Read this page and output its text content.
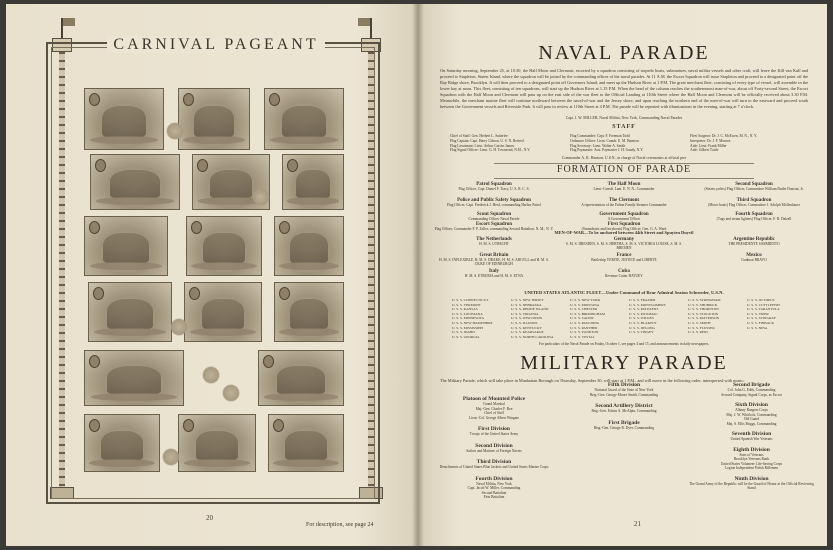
CARNIVAL PAGEANT
20
For description, see page 24
NAVAL PARADE
On Saturday morning, September 25, at 10:30, the Half Moon and Clermont, escorted by a squadron consisting of torpedo boats, submarines, naval militia vessels and other craft, will leave the Kill van Kull and proceed to Stapleton, Staten Island, where the squadron will be joined by the commanding officer of the naval parades. At 11 A.M. the Escort Squadron will issue Stapleton and proceed to a designated point off the Bay Ridge shore, Brooklyn. It will then proceed to a designated point off Governors Island, and meet up the Hudson River at 1 P.M. The great merchant fleet, consisting of every type of vessel, will assemble in the lower bay at noon. This fleet, consisting of ten squadrons, will start up the Hudson River at 1.15 P.M. When the head of the column reaches the southernmost man-of-war, about off Forty-second Street, the Escort Squadron with the Half Moon and Clermont will pass up on the east side of the war fleet to the Official Landing at 110th Street where the Half Moon and Clermont will be officially received about 3.30 P.M. Meanwhile, the merchant marine fleet will continue northward between the naval-of-war and the Jersey shore, and upon reaching the northern end of the men-of-war will turn to the eastward and proceed south between the Government vessels and Riverside Park. It will pass in review at 110th Street at 4 P.M. The parade will be repeated with illuminations in the evening, starting at 7 o'clock.
Capt. J. W. MILLER, Naval Militia, New York, Commanding Naval Parades
STAFF
Chief of Staff: Gen. Herbert L. Satterlee
Flag Captain: Capt. Harry Gibson, U. S. N. Retired
Flag Lieutenant: Lieut. Arthur Curtiss James
Flag Signal Officer: Lieut. G. H. Townsend, N.M., N.Y.
Flag Commander: Capt. F. Freeman Todd
Ordnance Officer: Lieut. Comdr. E. M. Harmon
Flag Secretary: Lieut. Walter A. Smith
Flag Paymaster: Asst. Paymaster J. H. Gaudy, N.Y.
Fleet Surgeon: Dr. J. C. McEwen, M. N., N. Y.
Interpreter: Dr. J. F. Monroe
Aide: Lieut. Frank Miller
Aide: Gilbert Tuttle
Commander A. K. Harmon, U.S.N., in charge of Naval ceremonies at official pier
FORMATION OF PARADE
Patrol Squadron
Flag Officer, Capt. Daniel F. Tracy, U. S. R. C. S.
The Half Moon
Lieut.-Comdr. Lam. E. N. N., Commander
Second Squadron
(Steam yachts) Flag Officer, Commodore William Butler Duncan, Jr.
Police and Public Safety Squadron
Flag Officer, Capt. Frederick J. Herd, commanding Harbor Patrol
The Clermont
A representation of the Fulton Family Steamer Commander
Third Squadron
(Motor boats) Flag Officer, Commodore J. Adolph Mollenhauer
Scout Squadron
Commanding Officer Naval Parade
Government Squadron
A Government Officer
Fourth Squadron
(Tugs and steam lighters) Flag Officer, F. B. Dalzell
Escort Squadron
Flag Officer, Commander F. P. Zeller, commanding Second Battalion, N. M., N. Y.
First Squadron
(Steamboats and ferryboats) Flag Officer, Gen. G. A. Ward
MEN-OF-WAR—To be anchored between 44th Street and Spuyten Duyvil
The Netherlands
H. M. S. UTRECHT
Germany
S. M. S. DRESDEN, S. M. S. HERTHA, S. M. S. VICTORIA LOUISE, S. M. S. BREMEN
Argentine Republic
THE PRESIDENTE SARMIENTO
Great Britain
H. M. S. INFLEXIBLE, H. M. S. DRAKE, H. M. S. ARGYLL and H. M. S. DUKE OF EDINBURGH
France
Battleship VERITE, JUSTICE and LIBERTE
Mexico
Gunboat BRAVO
Italy
H. M. S. ETRURIA and H. M. S. ETNA
Cuba
Revenue Cutter HATUEY
UNITED STATES ATLANTIC FLEET—Under Command of Rear Admiral Seaton Schroeder, U.S.N.
U. S. S. CONNECTICUT
U. S. S. VERMONT
U. S. S. KANSAS
U. S. S. LOUISIANA
U. S. S. MINNESOTA
U. S. S. NEW HAMPSHIRE
U. S. S. MISSISSIPPI
U. S. S. IDAHO
U. S. S. GEORGIA
U. S. S. NEW JERSEY
U. S. S. NEBRASKA
U. S. S. RHODE ISLAND
U. S. S. VIRGINIA
U. S. S. WISCONSIN
U. S. S. ILLINOIS
U. S. S. KENTUCKY
U. S. S. KEARSARGE
U. S. S. NORTH CAROLINA
U. S. S. NEW YORK
U. S. S. MONTANA
U. S. S. CHESTER
U. S. S. BIRMINGHAM
U. S. S. SALEM
U. S. S. PAULDING
U. S. S. PANTHER
U. S. S. YANKTON
U. S. S. VESTAL
U. S. S. FRAZIER
U. S. S. MONTGOMERY
U. S. S. PATUXENT
U. S. S. POTOMAC
U. S. S. WILKES
U. S. S. BLAKELY
U. S. S. DELONG
U. S. S. TINGEY
U. S. S. STRINGHAM
U. S. S. SHUBRICK
U. S. S. THORNTON
U. S. S. STOCKTON
U. S. S. PATTERSON
U. S. S. SMITH
U. S. S. FLUSSER
U. S. S. REID
U. S. S. OCTOPUS
U. S. S. CUTTLEFISH
U. S. S. TARANTULA
U. S. S. VIPER
U. S. S. STINGRAY
U. S. S. FINBACK
U. S. S. NINA
For particulars of the Naval Parade on Friday, October 1, see pages 4 and 15, and announcements in daily newspapers.
MILITARY PARADE
The Military Parade, which will take place in Manhattan Borough on Thursday, September 30, will start at 1 P.M., and will move in the following order, interspersed with music:
Platoon of Mounted Police
Grand Marshal
Maj.-Gen. Charles F. Roe
Chief of Staff
Lieut.-Col. George Albert Wingate
First Division
Troops of the United States Army
Second Division
Sailors and Marines of Foreign Navies
Third Division
Detachments of United States Blue Jackets and United States Marine Corps
Fourth Division
Naval Militia, New York
Capt. Jacob W. Miller, Commanding
Second Battalion
First Battalion
Fifth Division
National Guard of the State of New York
Brig.-Gen. George Moore Smith, Commanding
Second Artillery District
Brig.-Gen. Edwin A. McAlpin, Commanding
First Brigade
Brig.-Gen. George R. Dyer, Commanding
Second Brigade
Col. John G. Eddy, Commanding
Second Company, Signal Corps, as Escort
Sixth Division
Albany Rangers Corps
Maj. J. W. Whitlock, Commanding
Old Guard
Maj. S. Ellis Briggs, Commanding
Seventh Division
United Spanish War Veterans
Eighth Division
Sons of Veterans
Brooklyn Veterans Rank
United States Volunteer Life-Saving Corps
Legion Independent Polish Riflemen
Ninth Division
The Grand Army of the Republic will be the Guard of Honor at the Official Reviewing Stand
21
